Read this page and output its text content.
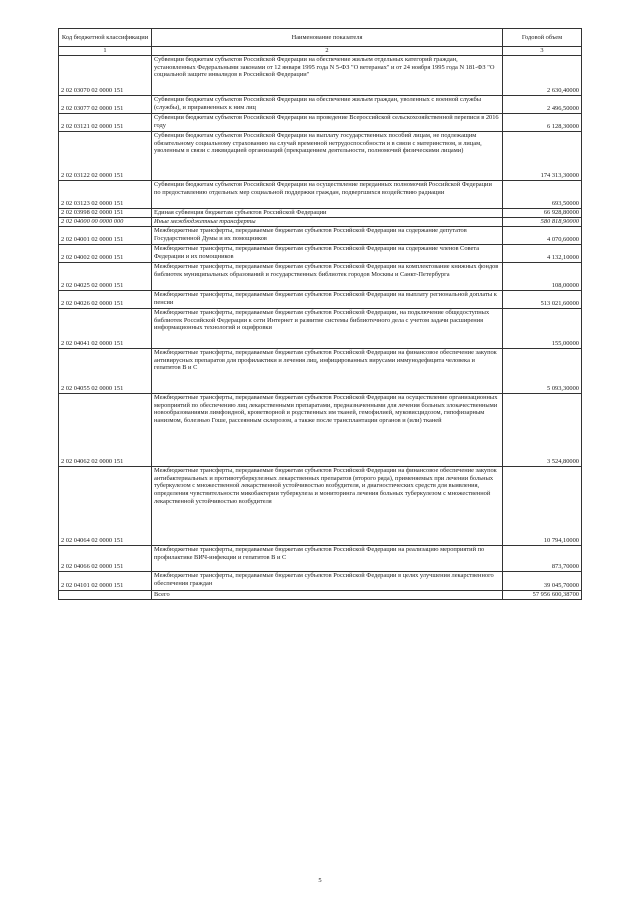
Код бюджетной классификации	Наименование показателя	Годовой объем
1	2	3
2 02 03070 02 0000 151	Субвенции бюджетам субъектов Российской Федерации на обеспечение жильем отдельных категорий граждан, установленных Федеральными законами от 12 января 1995 года N 5-ФЗ "О ветеранах" и от 24 ноября 1995 года N 181-ФЗ "О социальной защите инвалидов в Российской Федерации"	2 630,40000
2 02 03077 02 0000 151	Субвенции бюджетам субъектов Российской Федерации на обеспечение жильем граждан, уволенных с военной службы (службы), и приравненных к ним лиц	2 496,50000
2 02 03121 02 0000 151	Субвенции бюджетам субъектов Российской Федерации на проведение Всероссийской сельскохозяйственной переписи в 2016 году	6 128,30000
2 02 03122 02 0000 151	Субвенции бюджетам субъектов Российской Федерации на выплату государственных пособий лицам, не подлежащим обязательному социальному страхованию на случай временной нетрудоспособности и в связи с материнством, и лицам, уволенным в связи с ликвидацией организаций (прекращением деятельности, полномочий физическими лицами)	174 313,30000
2 02 03123 02 0000 151	Субвенции бюджетам субъектов Российской Федерации на осуществление переданных полномочий Российской Федерации по предоставлению отдельных мер социальной поддержки граждан, подвергшихся воздействию радиации	693,50000
2 02 03998 02 0000 151	Единая субвенция бюджетам субъектов Российской Федерации	66 928,80000
2 02 04000 00 0000 000	Иные межбюджетные трансферты	580 818,90000
2 02 04001 02 0000 151	Межбюджетные трансферты, передаваемые бюджетам субъектов Российской Федерации на содержание депутатов Государственной Думы и их помощников	4 070,60000
2 02 04002 02 0000 151	Межбюджетные трансферты, передаваемые бюджетам субъектов Российской Федерации на содержание членов Совета Федерации и их помощников	4 132,10000
2 02 04025 02 0000 151	Межбюджетные трансферты, передаваемые бюджетам субъектов Российской Федерации на комплектование книжных фондов библиотек муниципальных образований и государственных библиотек городов Москвы и Санкт-Петербурга	108,00000
2 02 04026 02 0000 151	Межбюджетные трансферты, передаваемые бюджетам субъектов Российской Федерации на выплату региональной доплаты к пенсии	513 021,60000
2 02 04041 02 0000 151	Межбюджетные трансферты, передаваемые бюджетам субъектов Российской Федерации, на подключение общедоступных библиотек Российской Федерации к сети Интернет и развитие системы библиотечного дела с учетом задачи расширения информационных технологий и оцифровки	155,00000
2 02 04055 02 0000 151	Межбюджетные трансферты, передаваемые бюджетам субъектов Российской Федерации на финансовое обеспечение закупок антивирусных препаратов для профилактики и лечения лиц, инфицированных вирусами иммунодефицита человека и гепатитов В и С	5 093,30000
2 02 04062 02 0000 151	Межбюджетные трансферты, передаваемые бюджетам субъектов Российской Федерации на осуществление организационных мероприятий по обеспечению лиц лекарственными препаратами, предназначенными для лечения больных злокачественными новообразованиями лимфоидной, кроветворной и родственных им тканей, гемофилией, муковисцидозом, гипофизарным нанизмом, болезнью Гоше, рассеянным склерозом, а также после трансплантации органов и (или) тканей	3 524,80000
2 02 04064 02 0000 151	Межбюджетные трансферты, передаваемые бюджетам субъектов Российской Федерации на финансовое обеспечение закупок антибактериальных и противотуберкулезных лекарственных препаратов (второго ряда), применяемых при лечении больных туберкулезом с множественной лекарственной устойчивостью возбудителя, и диагностических средств для выявления, определения чувствительности микобактерии туберкулеза и мониторинга лечения больных туберкулезом с множественной лекарственной устойчивостью возбудителя	10 794,10000
2 02 04066 02 0000 151	Межбюджетные трансферты, передаваемые бюджетам субъектов Российской Федерации на реализацию мероприятий по профилактике ВИЧ-инфекции и гепатитов В и С	873,70000
2 02 04101 02 0000 151	Межбюджетные трансферты, передаваемые бюджетам субъектов Российской Федерации в целях улучшения лекарственного обеспечения граждан	39 045,70000
	Всего	57 956 600,38700
5
